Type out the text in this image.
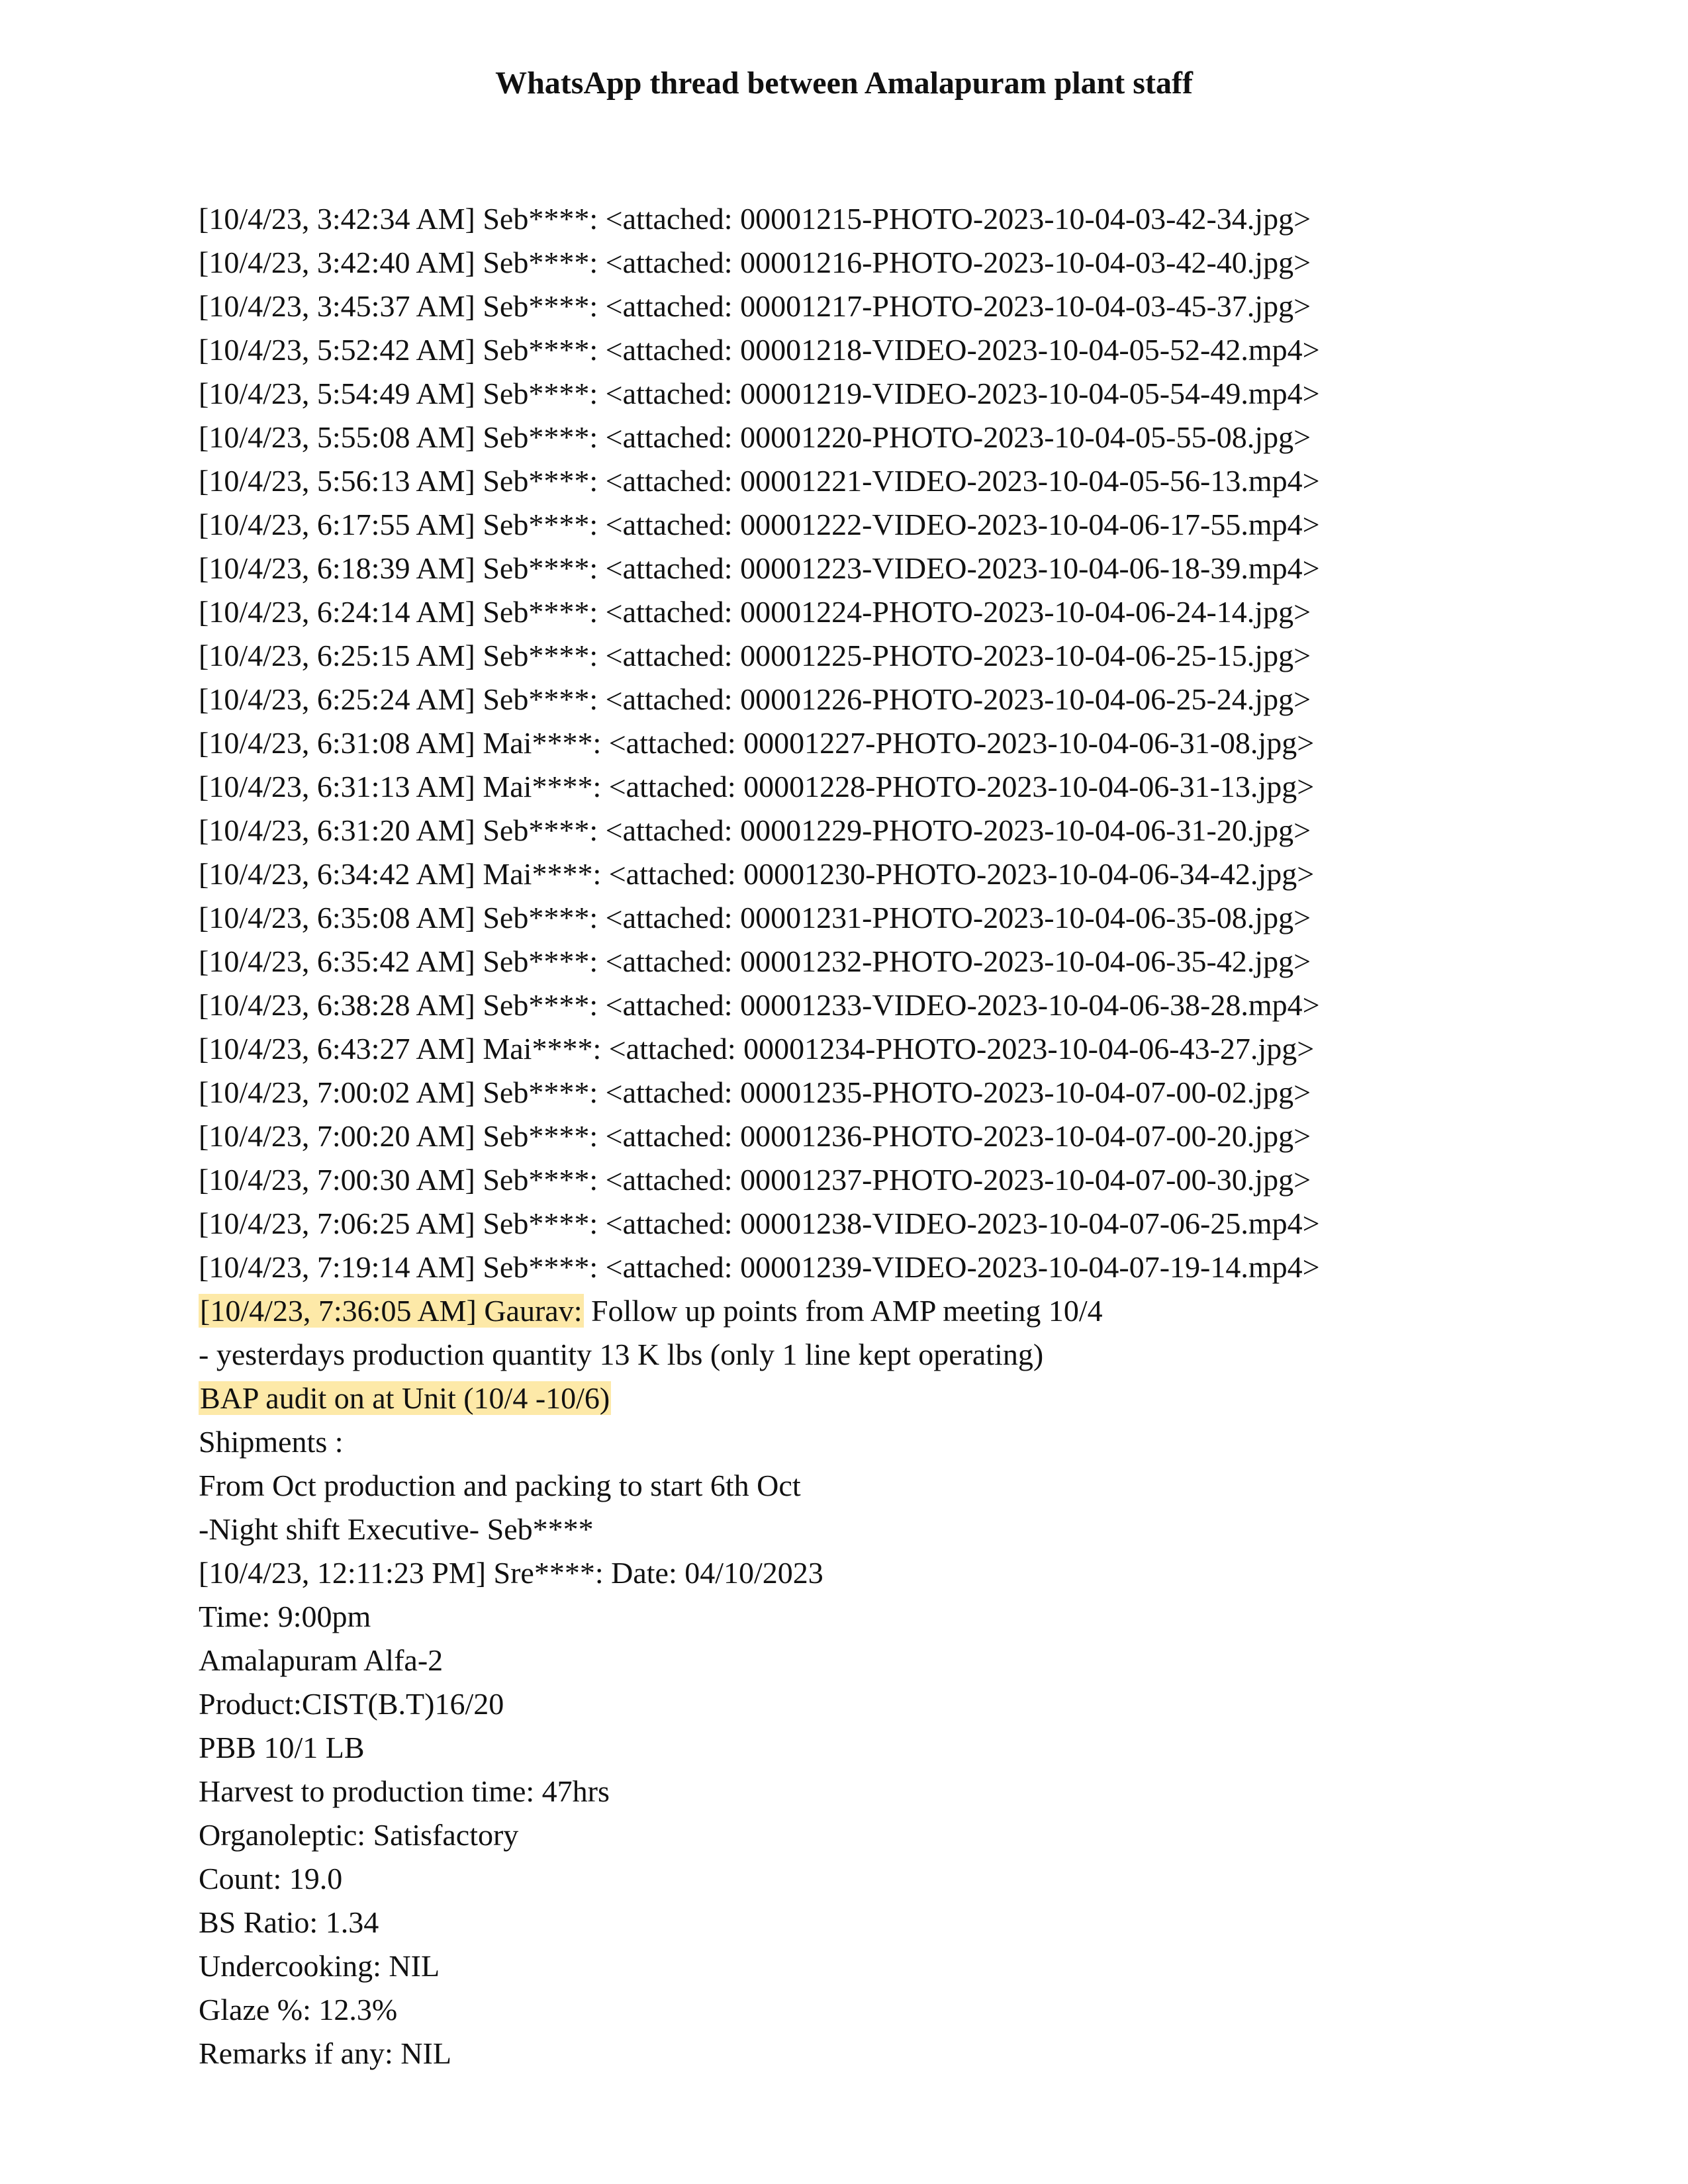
WhatsApp thread between Amalapuram plant staff
[10/4/23, 3:42:34 AM] Seb****: <attached: 00001215-PHOTO-2023-10-04-03-42-34.jpg>
[10/4/23, 3:42:40 AM] Seb****: <attached: 00001216-PHOTO-2023-10-04-03-42-40.jpg>
[10/4/23, 3:45:37 AM] Seb****: <attached: 00001217-PHOTO-2023-10-04-03-45-37.jpg>
[10/4/23, 5:52:42 AM] Seb****: <attached: 00001218-VIDEO-2023-10-04-05-52-42.mp4>
[10/4/23, 5:54:49 AM] Seb****: <attached: 00001219-VIDEO-2023-10-04-05-54-49.mp4>
[10/4/23, 5:55:08 AM] Seb****: <attached: 00001220-PHOTO-2023-10-04-05-55-08.jpg>
[10/4/23, 5:56:13 AM] Seb****: <attached: 00001221-VIDEO-2023-10-04-05-56-13.mp4>
[10/4/23, 6:17:55 AM] Seb****: <attached: 00001222-VIDEO-2023-10-04-06-17-55.mp4>
[10/4/23, 6:18:39 AM] Seb****: <attached: 00001223-VIDEO-2023-10-04-06-18-39.mp4>
[10/4/23, 6:24:14 AM] Seb****: <attached: 00001224-PHOTO-2023-10-04-06-24-14.jpg>
[10/4/23, 6:25:15 AM] Seb****: <attached: 00001225-PHOTO-2023-10-04-06-25-15.jpg>
[10/4/23, 6:25:24 AM] Seb****: <attached: 00001226-PHOTO-2023-10-04-06-25-24.jpg>
[10/4/23, 6:31:08 AM] Mai****: <attached: 00001227-PHOTO-2023-10-04-06-31-08.jpg>
[10/4/23, 6:31:13 AM] Mai****: <attached: 00001228-PHOTO-2023-10-04-06-31-13.jpg>
[10/4/23, 6:31:20 AM] Seb****: <attached: 00001229-PHOTO-2023-10-04-06-31-20.jpg>
[10/4/23, 6:34:42 AM] Mai****: <attached: 00001230-PHOTO-2023-10-04-06-34-42.jpg>
[10/4/23, 6:35:08 AM] Seb****: <attached: 00001231-PHOTO-2023-10-04-06-35-08.jpg>
[10/4/23, 6:35:42 AM] Seb****: <attached: 00001232-PHOTO-2023-10-04-06-35-42.jpg>
[10/4/23, 6:38:28 AM] Seb****: <attached: 00001233-VIDEO-2023-10-04-06-38-28.mp4>
[10/4/23, 6:43:27 AM] Mai****: <attached: 00001234-PHOTO-2023-10-04-06-43-27.jpg>
[10/4/23, 7:00:02 AM] Seb****: <attached: 00001235-PHOTO-2023-10-04-07-00-02.jpg>
[10/4/23, 7:00:20 AM] Seb****: <attached: 00001236-PHOTO-2023-10-04-07-00-20.jpg>
[10/4/23, 7:00:30 AM] Seb****: <attached: 00001237-PHOTO-2023-10-04-07-00-30.jpg>
[10/4/23, 7:06:25 AM] Seb****: <attached: 00001238-VIDEO-2023-10-04-07-06-25.mp4>
[10/4/23, 7:19:14 AM] Seb****: <attached: 00001239-VIDEO-2023-10-04-07-19-14.mp4>
[10/4/23, 7:36:05 AM] Gaurav: Follow up points from AMP meeting 10/4
- yesterdays production quantity 13 K lbs (only 1 line kept operating)
BAP audit on at Unit (10/4 -10/6)
Shipments :
From Oct production and packing to start 6th Oct
-Night shift Executive- Seb****
[10/4/23, 12:11:23 PM] Sre****: Date: 04/10/2023
Time: 9:00pm
Amalapuram Alfa-2
Product:CIST(B.T)16/20
PBB 10/1 LB
Harvest to production time: 47hrs
Organoleptic: Satisfactory
Count: 19.0
BS Ratio: 1.34
Undercooking: NIL
Glaze %: 12.3%
Remarks if any: NIL
